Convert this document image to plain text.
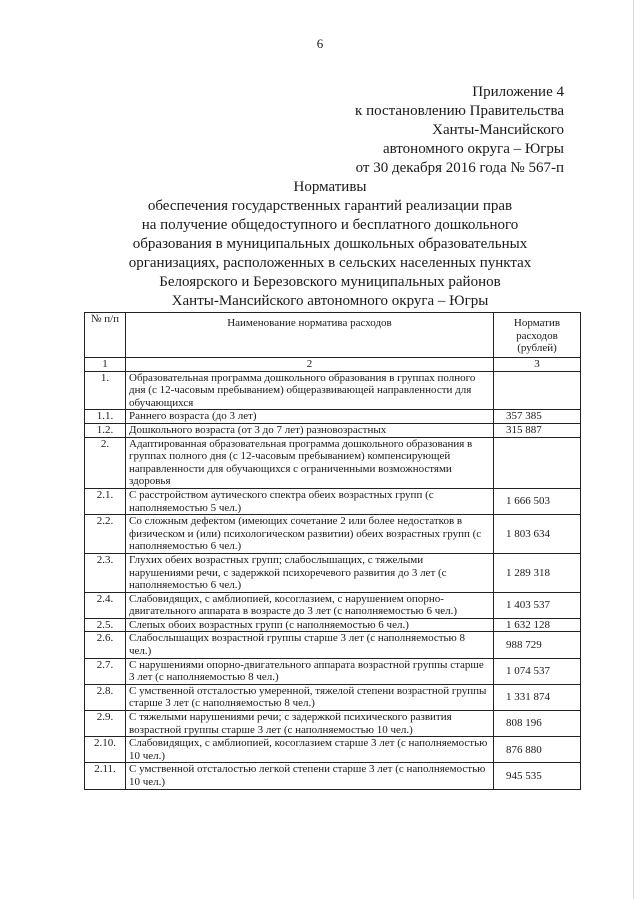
6
Приложение 4
к постановлению Правительства
Ханты-Мансийского
автономного округа – Югры
от 30 декабря 2016 года № 567-п
Нормативы
обеспечения государственных гарантий реализации прав
на получение общедоступного и бесплатного дошкольного
образования в муниципальных дошкольных образовательных
организациях, расположенных в сельских населенных пунктах
Белоярского и Березовского муниципальных районов
Ханты-Мансийского автономного округа – Югры
№ п/п	Наименование норматива расходов	Норматив расходов (рублей)
1	2	3
1.	Образовательная программа дошкольного образования в группах полного дня (с 12-часовым пребыванием) общеразвивающей направленности для обучающихся	
1.1.	Раннего возраста (до 3 лет)	357 385
1.2.	Дошкольного возраста (от 3 до 7 лет) разновозрастных	315 887
2.	Адаптированная образовательная программа дошкольного образования в группах полного дня (с 12-часовым пребыванием) компенсирующей направленности для обучающихся с ограниченными возможностями здоровья	
2.1.	С расстройством аутического спектра обеих возрастных групп (с наполняемостью 5 чел.)	1 666 503
2.2.	Со сложным дефектом (имеющих сочетание 2 или более недостатков в физическом и (или) психологическом развитии) обеих возрастных групп (с наполняемостью 6 чел.)	1 803 634
2.3.	Глухих обеих возрастных групп; слабослышащих, с тяжелыми нарушениями речи, с задержкой психоречевого развития до 3 лет (с наполняемостью 6 чел.)	1 289 318
2.4.	Слабовидящих, с амблиопией, косоглазием, с нарушением опорно-двигательного аппарата в возрасте до 3 лет (с наполняемостью 6 чел.)	1 403 537
2.5.	Слепых обоих возрастных групп (с наполняемостью 6 чел.)	1 632 128
2.6.	Слабослышащих возрастной группы старше 3 лет (с наполняемостью 8 чел.)	988 729
2.7.	С нарушениями опорно-двигательного аппарата возрастной группы старше 3 лет (с наполняемостью 8 чел.)	1 074 537
2.8.	С умственной отсталостью умеренной, тяжелой степени возрастной группы старше 3 лет (с наполняемостью 8 чел.)	1 331 874
2.9.	С тяжелыми нарушениями речи; с задержкой психического развития возрастной группы старше 3 лет (с наполняемостью 10 чел.)	808 196
2.10.	Слабовидящих, с амблиопией, косоглазием старше 3 лет (с наполняемостью 10 чел.)	876 880
2.11.	С умственной отсталостью легкой степени старше 3 лет (с наполняемостью 10 чел.)	945 535
